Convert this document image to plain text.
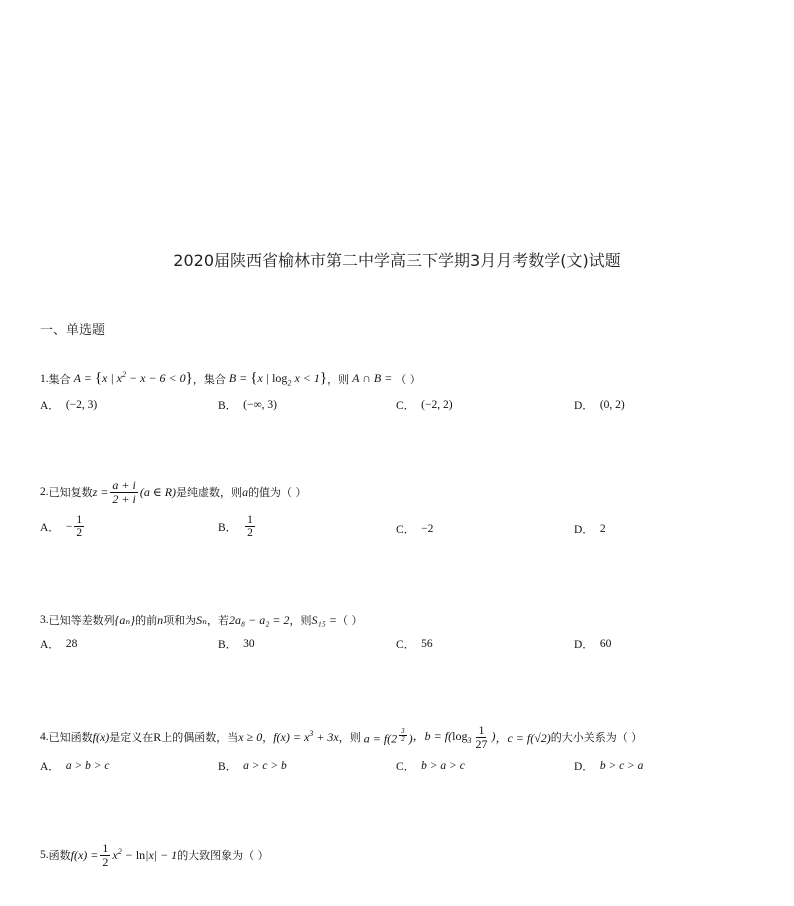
2020届陕西省榆林市第二中学高三下学期3月月考数学(文)试题
一、单选题
1. 集合 A = {x | $x^2 - x - 6 < 0$} ，集合 B = {x | $\log_2 x < 1$} ，则 A ∩ B = （ ）
A． (−2, 3)	B． (−∞, 3)	C． (−2, 2)	D． (0, 2)
2. 已知复数 $z = \frac{a + i}{2 + i} (a$ ∈ R) 是纯虚数，则 a 的值为（ ）
A． − $\frac{1}{2}$	B． $\frac{1}{2}$	C． −2	D． 2
3. 已知等差数列 {aₙ} 的前 n 项和为 Sₙ ，若 2a₈ − a₂ = 2 ，则 S₁₅ = （ ）
A． 28	B． 30	C． 56	D． 60
4. 已知函数 f(x) 是定义在 R 上的偶函数，当 x ≥ 0 ， $f(x) = x^3 + 3x$ ，则 a = f(2 $^{\frac{3}{2}}$ ) ，$b = f(\log_3 \frac{1}{27}$ ) ，c = f(√2) 的大小关系为（ ）
A． a > b > c	B． a > c > b	C． b > a > c	D． b > c > a
5. 函数 $f(x) = \frac{1}{2} x^2 - \ln|x| - 1$ 的大致图象为（ ）
